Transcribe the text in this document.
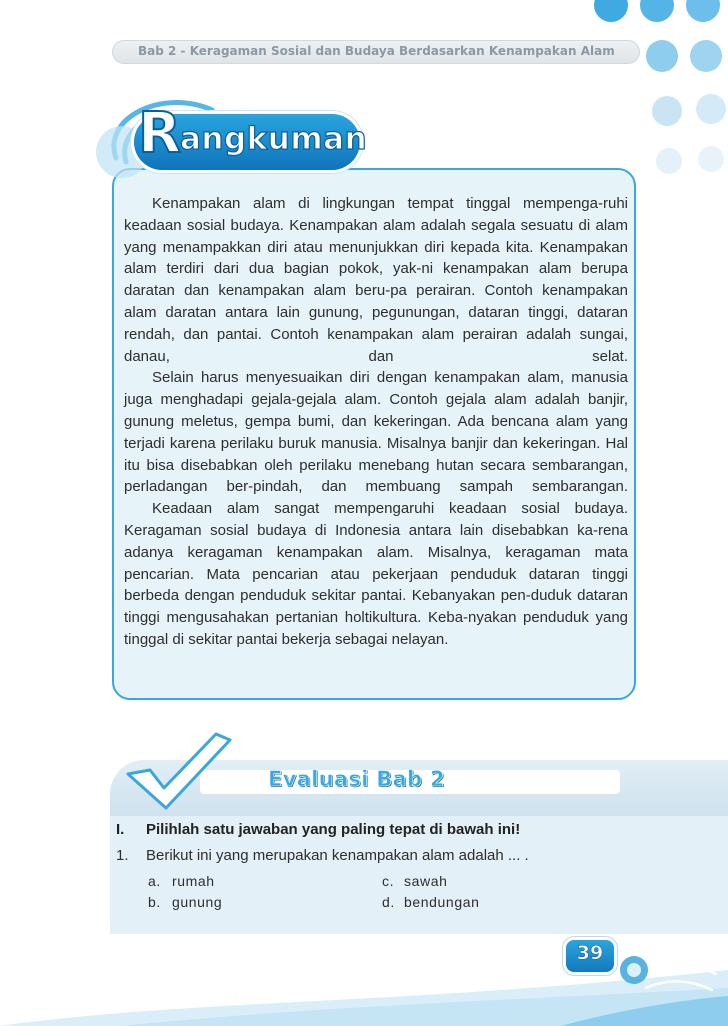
Bab 2 - Keragaman Sosial dan Budaya Berdasarkan Kenampakan Alam
R
angkuman

Kenampakan alam di lingkungan tempat tinggal mempenga-ruhi keadaan sosial budaya. Kenampakan alam adalah segala sesuatu di alam yang menampakkan diri atau menunjukkan diri kepada kita. Kenampakan alam terdiri dari dua bagian pokok, yak-ni kenampakan alam berupa daratan dan kenampakan alam beru-pa perairan. Contoh kenampakan alam daratan antara lain gunung, pegunungan, dataran tinggi, dataran rendah, dan pantai. Contoh kenampakan alam perairan adalah sungai, danau, dan selat.

Selain harus menyesuaikan diri dengan kenampakan alam, manusia juga menghadapi gejala-gejala alam. Contoh gejala alam adalah banjir, gunung meletus, gempa bumi, dan kekeringan. Ada bencana alam yang terjadi karena perilaku buruk manusia. Misalnya banjir dan kekeringan. Hal itu bisa disebabkan oleh perilaku menebang hutan secara sembarangan, perladangan ber-pindah, dan membuang sampah sembarangan.

Keadaan alam sangat mempengaruhi keadaan sosial budaya. Keragaman sosial budaya di Indonesia antara lain disebabkan ka-rena adanya keragaman kenampakan alam. Misalnya, keragaman mata pencarian. Mata pencarian atau pekerjaan penduduk dataran tinggi berbeda dengan penduduk sekitar pantai. Kebanyakan pen-duduk dataran tinggi mengusahakan pertanian holtikultura. Keba-nyakan penduduk yang tinggal di sekitar pantai bekerja sebagai nelayan.

Evaluasi Bab 2
I. Pilihlah satu jawaban yang paling tepat di bawah ini!
1. Berikut ini yang merupakan kenampakan alam adalah ... .
a. rumah
b. gunung
c. sawah
d. bendungan
39
